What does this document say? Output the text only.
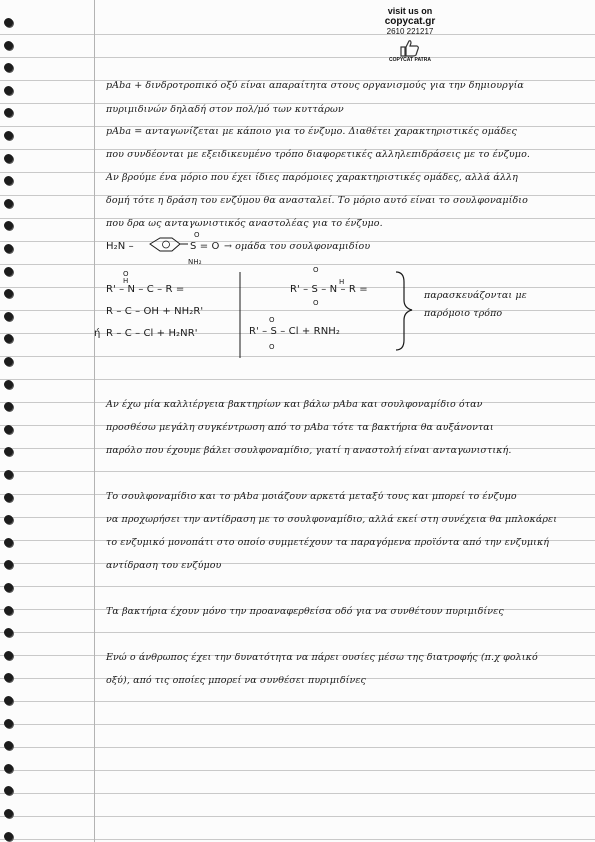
visit us on
copycat.gr
2610 221217
COPYCAT PATRA
pAba + δινδροτροπικό οξύ είναι απαραίτητα στους οργανισμούς για την δημιουργία
πυριμιδινών δηλαδή στον πολ/μό των κυττάρων
pAba = ανταγωνίζεται με κάποιο για το ένζυμο. Διαθέτει χαρακτηριστικές ομάδες
που συνδέονται με εξειδικευμένο τρόπο διαφορετικές αλληλεπιδράσεις με το ένζυμο.
Αν βρούμε ένα μόριο που έχει ίδιες παρόμοιες χαρακτηριστικές ομάδες, αλλά άλλη
δομή τότε η δράση του ενζύμου θα ανασταλεί. Το μόριο αυτό είναι το σουλφοναμίδιο
που δρα ως ανταγωνιστικός αναστολέας για το ένζυμο.
H₂N –
O
S = O
NH₂
→ ομάδα του σουλφοναμιδίου
O
H
R' – N – C – R =
R – C – OH + NH₂R'
ή R – C – Cl + H₂NR'
O
H
R' – S – N – R =
O
O
R' – S – Cl + RNH₂
O
παρασκευάζονται με
παρόμοιο τρόπο
Αν έχω μία καλλιέργεια βακτηρίων και βάλω pAba και σουλφοναμίδιο όταν
προσθέσω μεγάλη συγκέντρωση από το pAba τότε τα βακτήρια θα αυξάνονται
παρόλο που έχουμε βάλει σουλφοναμίδιο, γιατί η αναστολή είναι ανταγωνιστική.
Το σουλφοναμίδιο και το pAba μοιάζουν αρκετά μεταξύ τους και μπορεί το ένζυμο
να προχωρήσει την αντίδραση με το σουλφοναμίδιο, αλλά εκεί στη συνέχεια θα μπλοκάρει
το ενζυμικό μονοπάτι στο οποίο συμμετέχουν τα παραγόμενα προϊόντα από την ενζυμική
αντίδραση του ενζύμου
Τα βακτήρια έχουν μόνο την προαναφερθείσα οδό για να συνθέτουν πυριμιδίνες
Ενώ ο άνθρωπος έχει την δυνατότητα να πάρει ουσίες μέσω της διατροφής (π.χ φολικό
οξύ), από τις οποίες μπορεί να συνθέσει πυριμιδίνες
